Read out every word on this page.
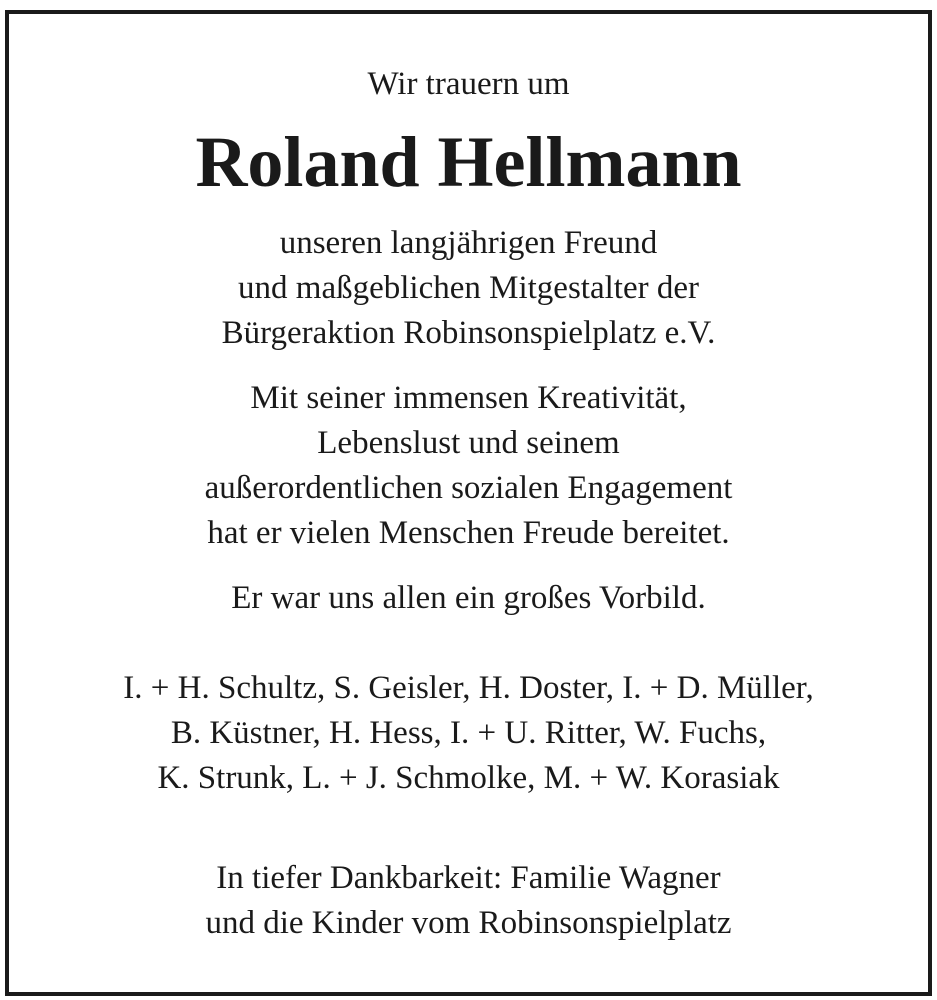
Wir trauern um
Roland Hellmann
unseren langjährigen Freund
und maßgeblichen Mitgestalter der
Bürgeraktion Robinsonspielplatz e.V.
Mit seiner immensen Kreativität,
Lebenslust und seinem
außerordentlichen sozialen Engagement
hat er vielen Menschen Freude bereitet.
Er war uns allen ein großes Vorbild.
I. + H. Schultz, S. Geisler, H. Doster, I. + D. Müller,
B. Küstner, H. Hess, I. + U. Ritter, W. Fuchs,
K. Strunk, L. + J. Schmolke, M. + W. Korasiak
In tiefer Dankbarkeit: Familie Wagner
und die Kinder vom Robinsonspielplatz
